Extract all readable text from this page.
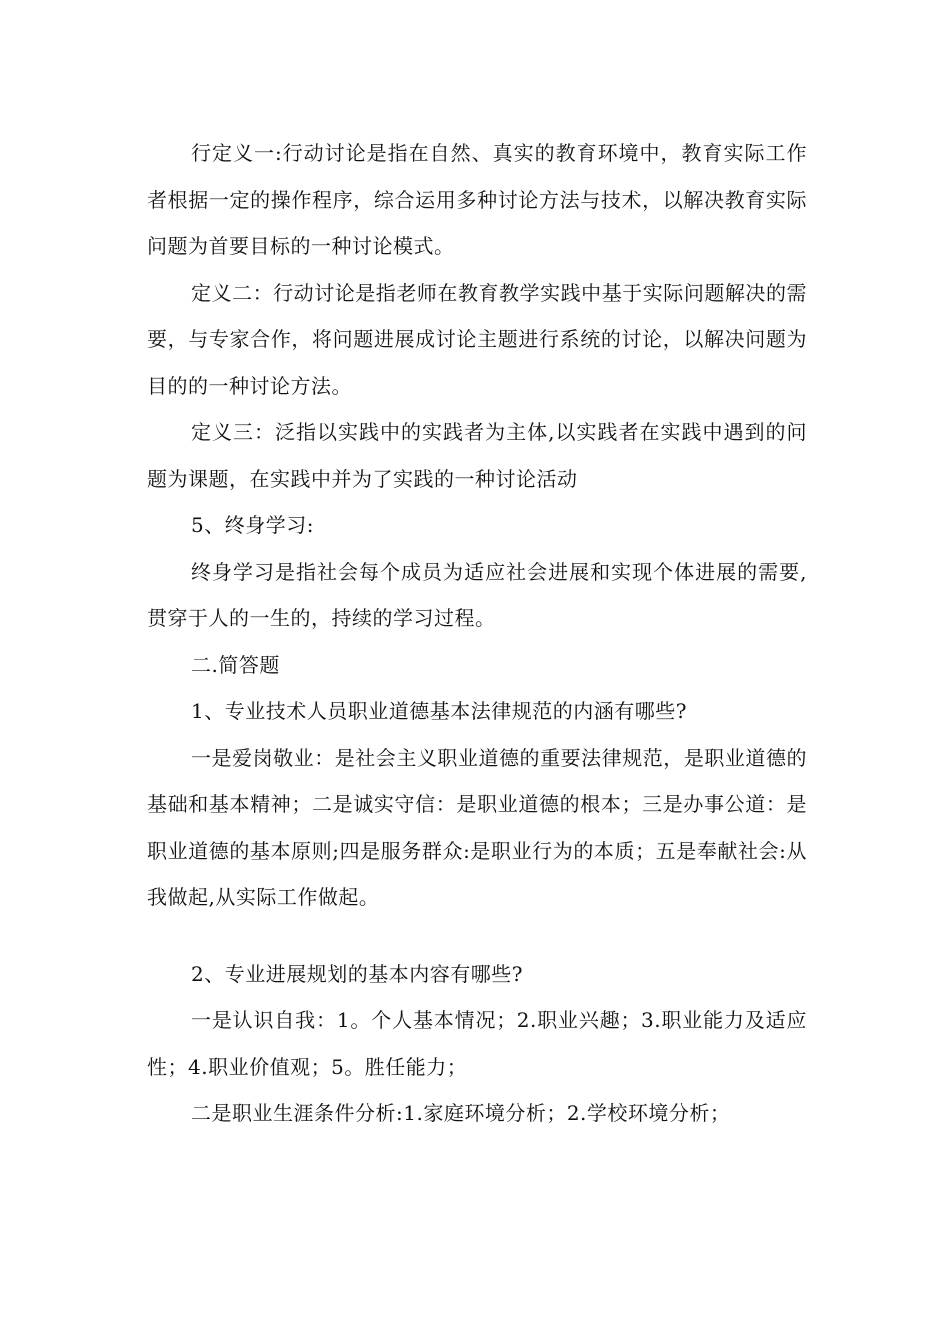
行定义一:行动讨论是指在自然、真实的教育环境中，教育实际工作者根据一定的操作程序，综合运用多种讨论方法与技术，以解决教育实际问题为首要目标的一种讨论模式。

定义二：行动讨论是指老师在教育教学实践中基于实际问题解决的需要，与专家合作，将问题进展成讨论主题进行系统的讨论，以解决问题为目的的一种讨论方法。

定义三：泛指以实践中的实践者为主体,以实践者在实践中遇到的问题为课题，在实践中并为了实践的一种讨论活动

5、终身学习:

终身学习是指社会每个成员为适应社会进展和实现个体进展的需要,贯穿于人的一生的，持续的学习过程。

二.简答题

1、专业技术人员职业道德基本法律规范的内涵有哪些?

一是爱岗敬业：是社会主义职业道德的重要法律规范，是职业道德的基础和基本精神；二是诚实守信：是职业道德的根本；三是办事公道：是职业道德的基本原则;四是服务群众:是职业行为的本质；五是奉献社会:从我做起,从实际工作做起。

2、专业进展规划的基本内容有哪些?

一是认识自我：1。个人基本情况；2.职业兴趣；3.职业能力及适应性；4.职业价值观；5。胜任能力；

二是职业生涯条件分析:1.家庭环境分析；2.学校环境分析；
